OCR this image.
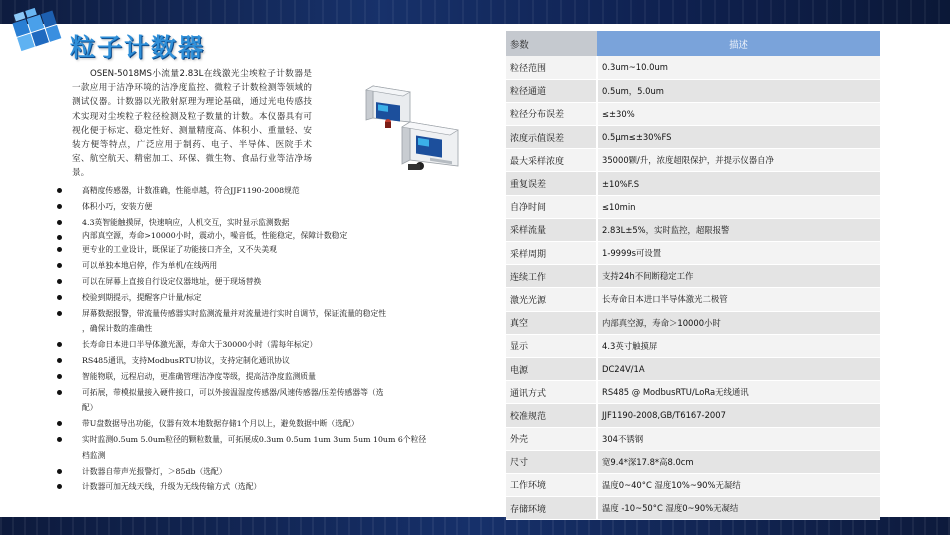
粒子计数器
OSEN-5018MS小流量2.83L在线激光尘埃粒子计数器是一款应用于洁净环境的洁净度监控、微粒子计数检测等领域的测试仪器。计数器以光散射原理为理论基础，通过光电传感技术实现对尘埃粒子粒径检测及粒子数量的计数。本仪器具有可视化便于标定、稳定性好、测量精度高、体积小、重量轻、安装方便等特点，广泛应用于制药、电子、半导体、医院手术室、航空航天、精密加工、环保、微生物、食品行业等洁净场景。
高精度传感器，计数准确，性能卓越，符合JJF1190-2008规范
体积小巧，安装方便
4.3英智能触摸屏，快速响应，人机交互，实时显示监测数据
内部真空源，寿命>10000小时，震动小，噪音低，性能稳定，保障计数稳定
更专业的工业设计，既保证了功能接口齐全，又不失美观
可以单独本地启停，作为单机/在线两用
可以在屏幕上直接自行设定仪器地址，便于现场替换
校验到期提示，提醒客户计量/标定
屏幕数据报警，带流量传感器实时监测流量并对流量进行实时自调节，保证流量的稳定性
，确保计数的准确性
长寿命日本进口半导体激光源，寿命大于30000小时（需每年标定）
RS485通讯，支持ModbusRTU协议，支持定制化通讯协议
智能物联，远程启动，更准确管理洁净度等级，提高洁净度监测质量
可拓展，带模拟量接入硬件接口，可以外接温湿度传感器/风速传感器/压差传感器等（选
配）
带U盘数据导出功能，仪器有效本地数据存储1个月以上，避免数据中断（选配）
实时监测0.5um 5.0um粒径的颗粒数量，可拓展成0.3um 0.5um 1um 3um 5um 10um 6个粒径
档监测
计数器自带声光报警灯，＞85db（选配）
计数器可加无线天线，升级为无线传输方式（选配）
参数	描述
粒径范围	0.3um~10.0um
粒径通道	0.5um，5.0um
粒径分布误差	≤±30%
浓度示值误差	0.5μm≤±30%FS
最大采样浓度	35000颗/升，浓度超限保护，并提示仪器自净
重复误差	±10%F.S
自净时间	≤10min
采样流量	2.83L±5%，实时监控，超限报警
采样周期	1-9999s可设置
连续工作	支持24h不间断稳定工作
激光光源	长寿命日本进口半导体激光二极管
真空	内部真空源，寿命＞10000小时
显示	4.3英寸触摸屏
电源	DC24V/1A
通讯方式	RS485 @ ModbusRTU/LoRa无线通讯
校准规范	JJF1190-2008,GB/T6167-2007
外壳	304不锈钢
尺寸	宽9.4*深17.8*高8.0cm
工作环境	温度0~40°C 湿度10%~90%无凝结
存储环境	温度 -10~50°C 湿度0~90%无凝结
